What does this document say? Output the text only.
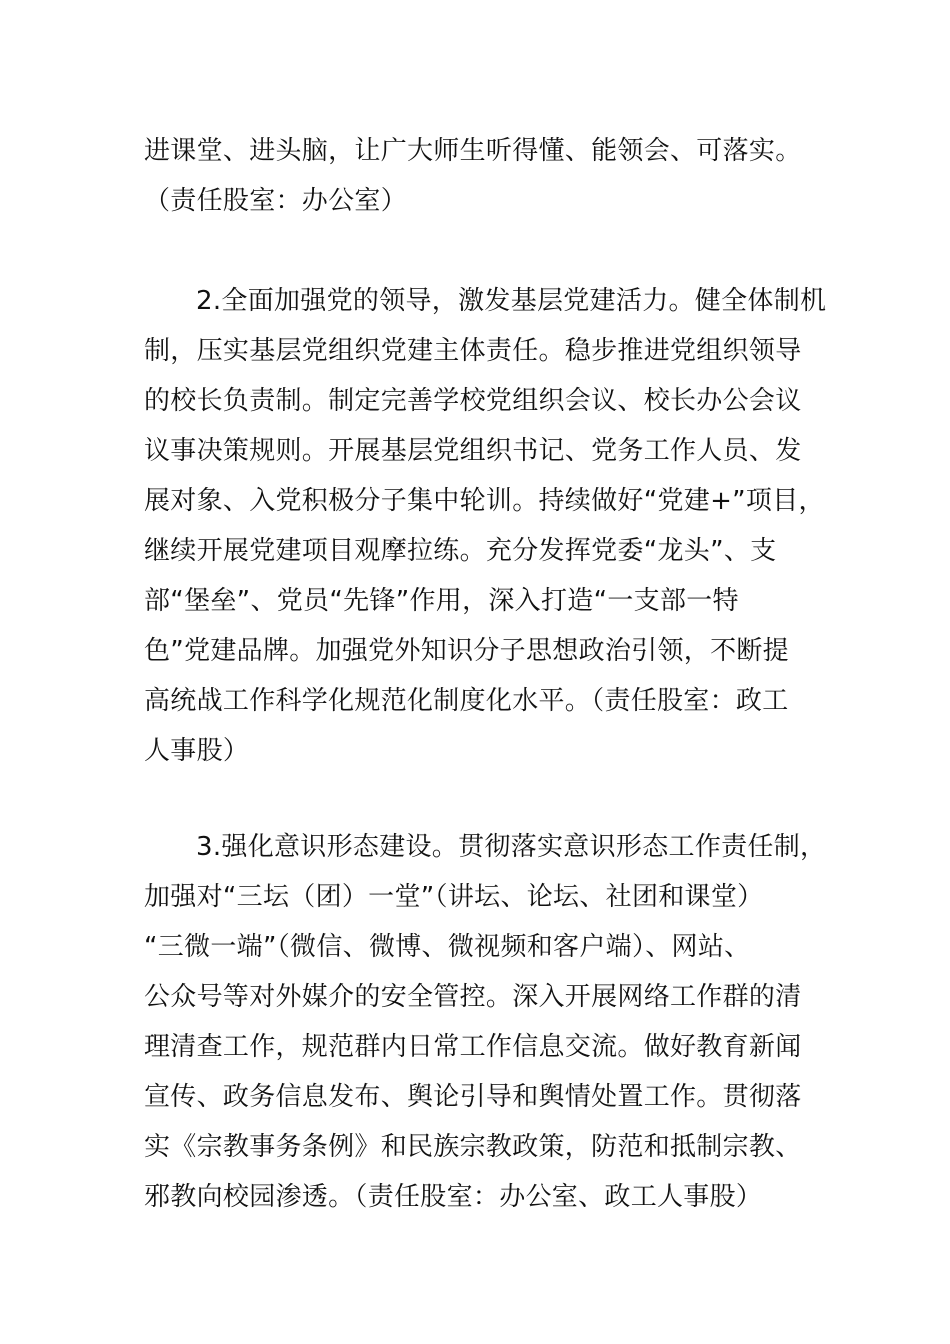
进课堂、进头脑，让广大师生听得懂、能领会、可落实。
（责任股室：办公室）
2.全面加强党的领导，激发基层党建活力。健全体制机
制，压实基层党组织党建主体责任。稳步推进党组织领导
的校长负责制。制定完善学校党组织会议、校长办公会议
议事决策规则。开展基层党组织书记、党务工作人员、发
展对象、入党积极分子集中轮训。持续做好“党建+”项目，
继续开展党建项目观摩拉练。充分发挥党委“龙头”、支
部“堡垒”、党员“先锋”作用，深入打造“一支部一特
色”党建品牌。加强党外知识分子思想政治引领，不断提
高统战工作科学化规范化制度化水平。（责任股室：政工
人事股）
3.强化意识形态建设。贯彻落实意识形态工作责任制，
加强对“三坛（团）一堂”（讲坛、论坛、社团和课堂）
“三微一端”（微信、微博、微视频和客户端）、网站、
公众号等对外媒介的安全管控。深入开展网络工作群的清
理清查工作，规范群内日常工作信息交流。做好教育新闻
宣传、政务信息发布、舆论引导和舆情处置工作。贯彻落
实《宗教事务条例》和民族宗教政策，防范和抵制宗教、
邪教向校园渗透。（责任股室：办公室、政工人事股）
